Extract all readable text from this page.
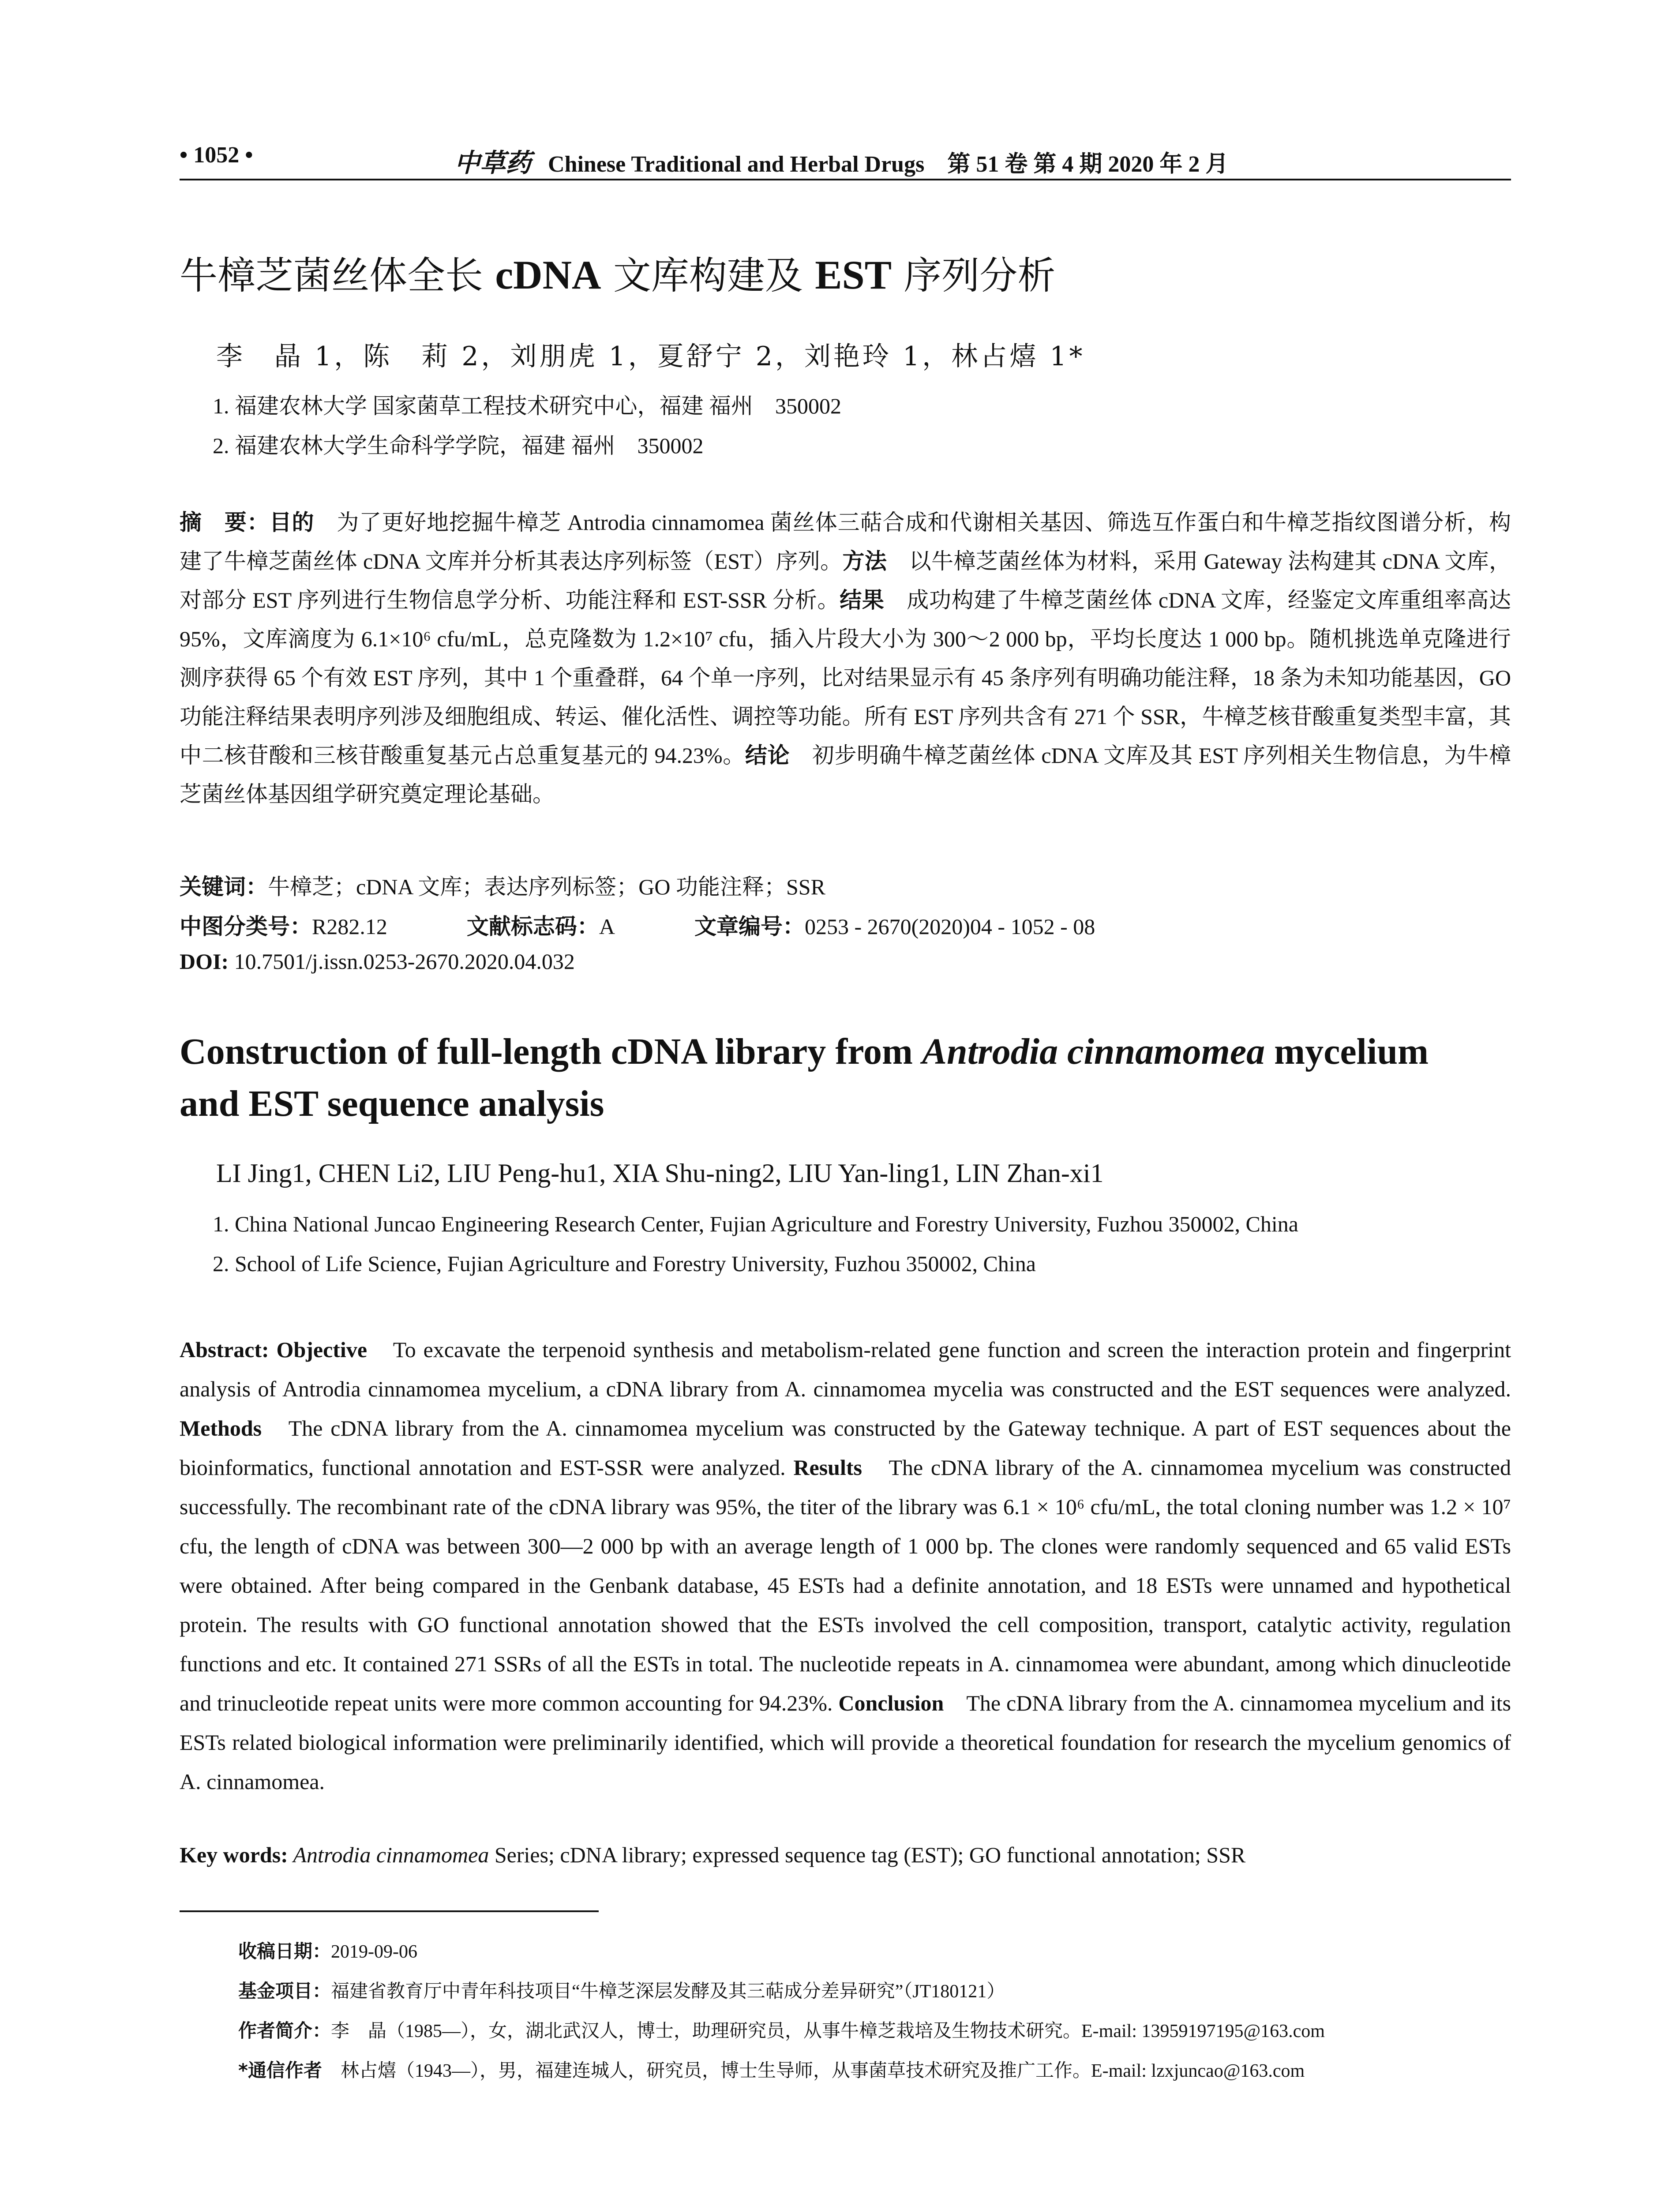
• 1052 •	中草药 Chinese Traditional and Herbal Drugs　第 51 卷 第 4 期 2020 年 2 月
牛樟芝菌丝体全长 cDNA 文库构建及 EST 序列分析
李　晶 1，陈　莉 2，刘朋虎 1，夏舒宁 2，刘艳玲 1，林占熺 1*
1. 福建农林大学 国家菌草工程技术研究中心，福建 福州　350002
2. 福建农林大学生命科学学院，福建 福州　350002
摘　要：目的　为了更好地挖掘牛樟芝 Antrodia cinnamomea 菌丝体三萜合成和代谢相关基因、筛选互作蛋白和牛樟芝指纹图谱分析，构建了牛樟芝菌丝体 cDNA 文库并分析其表达序列标签（EST）序列。方法　以牛樟芝菌丝体为材料，采用 Gateway 法构建其 cDNA 文库，对部分 EST 序列进行生物信息学分析、功能注释和 EST-SSR 分析。结果　成功构建了牛樟芝菌丝体 cDNA 文库，经鉴定文库重组率高达 95%，文库滴度为 6.1×10⁶ cfu/mL，总克隆数为 1.2×10⁷ cfu，插入片段大小为 300～2 000 bp，平均长度达 1 000 bp。随机挑选单克隆进行测序获得 65 个有效 EST 序列，其中 1 个重叠群，64 个单一序列，比对结果显示有 45 条序列有明确功能注释，18 条为未知功能基因，GO 功能注释结果表明序列涉及细胞组成、转运、催化活性、调控等功能。所有 EST 序列共含有 271 个 SSR，牛樟芝核苷酸重复类型丰富，其中二核苷酸和三核苷酸重复基元占总重复基元的 94.23%。结论　初步明确牛樟芝菌丝体 cDNA 文库及其 EST 序列相关生物信息，为牛樟芝菌丝体基因组学研究奠定理论基础。
关键词：牛樟芝；cDNA 文库；表达序列标签；GO 功能注释；SSR
中图分类号：R282.12	文献标志码：A	文章编号：0253 - 2670(2020)04 - 1052 - 08
DOI: 10.7501/j.issn.0253-2670.2020.04.032
Construction of full-length cDNA library from Antrodia cinnamomea mycelium
and EST sequence analysis
LI Jing1, CHEN Li2, LIU Peng-hu1, XIA Shu-ning2, LIU Yan-ling1, LIN Zhan-xi1
1. China National Juncao Engineering Research Center, Fujian Agriculture and Forestry University, Fuzhou 350002, China
2. School of Life Science, Fujian Agriculture and Forestry University, Fuzhou 350002, China
Abstract: Objective　To excavate the terpenoid synthesis and metabolism-related gene function and screen the interaction protein and fingerprint analysis of Antrodia cinnamomea mycelium, a cDNA library from A. cinnamomea mycelia was constructed and the EST sequences were analyzed. Methods　The cDNA library from the A. cinnamomea mycelium was constructed by the Gateway technique. A part of EST sequences about the bioinformatics, functional annotation and EST-SSR were analyzed. Results　The cDNA library of the A. cinnamomea mycelium was constructed successfully. The recombinant rate of the cDNA library was 95%, the titer of the library was 6.1 × 10⁶ cfu/mL, the total cloning number was 1.2 × 10⁷ cfu, the length of cDNA was between 300—2 000 bp with an average length of 1 000 bp. The clones were randomly sequenced and 65 valid ESTs were obtained. After being compared in the Genbank database, 45 ESTs had a definite annotation, and 18 ESTs were unnamed and hypothetical protein. The results with GO functional annotation showed that the ESTs involved the cell composition, transport, catalytic activity, regulation functions and etc. It contained 271 SSRs of all the ESTs in total. The nucleotide repeats in A. cinnamomea were abundant, among which dinucleotide and trinucleotide repeat units were more common accounting for 94.23%. Conclusion　The cDNA library from the A. cinnamomea mycelium and its ESTs related biological information were preliminarily identified, which will provide a theoretical foundation for research the mycelium genomics of A. cinnamomea.
Key words: Antrodia cinnamomea Series; cDNA library; expressed sequence tag (EST); GO functional annotation; SSR
收稿日期：2019-09-06
基金项目：福建省教育厅中青年科技项目“牛樟芝深层发酵及其三萜成分差异研究”（JT180121）
作者简介：李　晶（1985—），女，湖北武汉人，博士，助理研究员，从事牛樟芝栽培及生物技术研究。E-mail: 13959197195@163.com
*通信作者　林占熺（1943—），男，福建连城人，研究员，博士生导师，从事菌草技术研究及推广工作。E-mail: lzxjuncao@163.com
